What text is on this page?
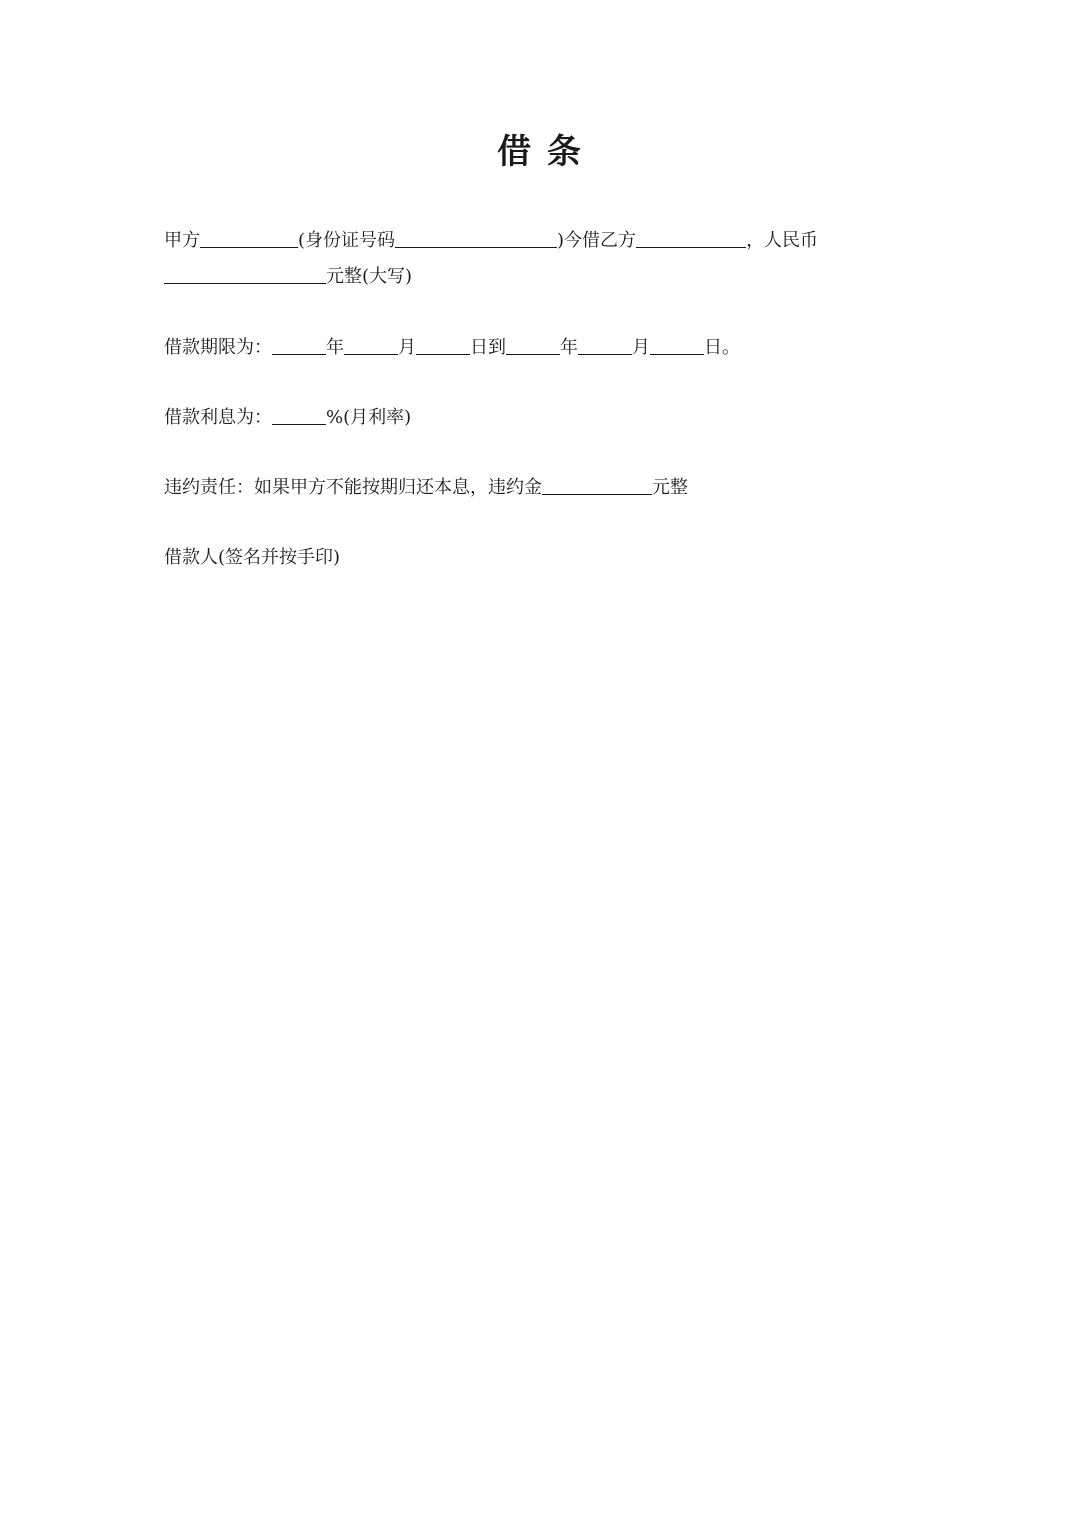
借 条

甲方	(身份证号码	)今借乙方	，人民币
元整(大写)

借款期限为：	年	月	日到	年	月	日。

借款利息为：	%(月利率)

违约责任：如果甲方不能按期归还本息，违约金	元整

借款人(签名并按手印)
